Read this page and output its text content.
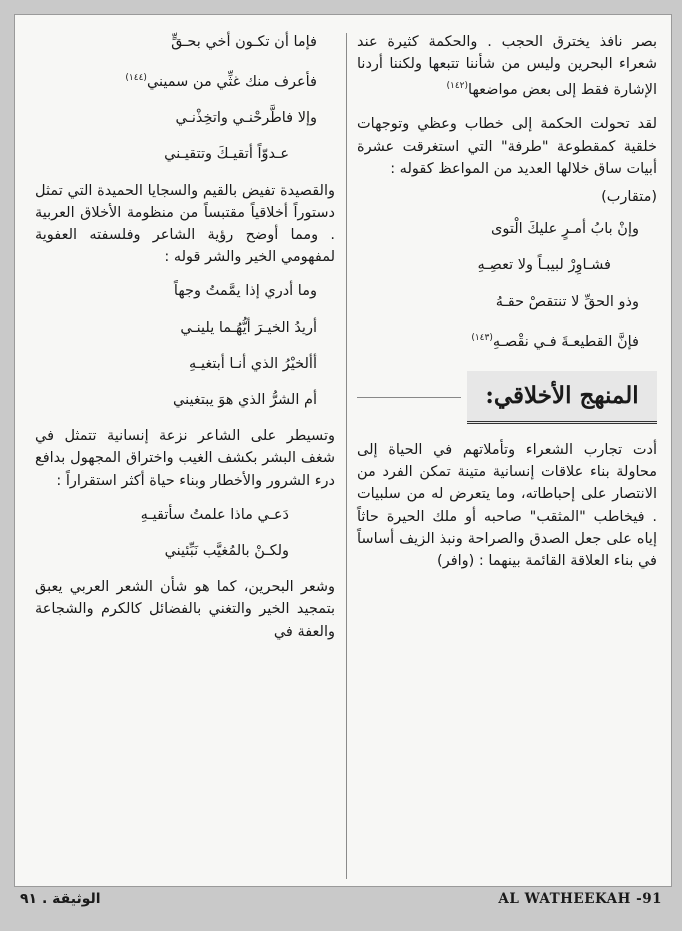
بصر نافذ يخترق الحجب . والحكمة كثيرة عند شعراء البحرين وليس من شأننا تتبعها ولكننا أردنا الإشارة فقط إلى بعض مواضعها$^{(١٤٢)}$

لقد تحولت الحكمة إلى خطاب وعظي وتوجهات خلقية كمقطوعة "طرفة" التي استغرقت عشرة أبيات ساق خلالها العديد من المواعظ كقوله :

(متقارب)
وإنْ بابُ أمـرٍ عليكَ الْتوى
فشـاوِرْ لبيبـاً ولا تعصِـهِ
وذو الحقِّ لا تنتقصْ حقـهُ
فإنَّ القطيعـةَ فـي نقْصـهِ$^{(١٤٣)}$
المنهج الأخلاقي:

أدت تجارب الشعراء وتأملاتهم في الحياة إلى محاولة بناء علاقات إنسانية متينة تمكن الفرد من الانتصار على إحباطاته، وما يتعرض له من سلبيات . فيخاطب "المثقب" صاحبه أو ملك الحيرة حاثاً إياه على جعل الصدق والصراحة ونبذ الزيف أساساً في بناء العلاقة القائمة بينهما : (وافر)

فإما أن تكـون أخي بحـقٍّ
فأعرف منك غثِّي من سميني$^{(١٤٤)}$
وإلا فاطَّرحْنـي واتخِذْنـي
عـدوّاً أتقيـكَ وتتقيـني

والقصيدة تفيض بالقيم والسجايا الحميدة التي تمثل دستوراً أخلاقياً مقتبساً من منظومة الأخلاق العربية . ومما أوضح رؤية الشاعر وفلسفته العفوية لمفهومي الخير والشر قوله :

وما أدري إذا يمَّمتُ وجهاً
أريدُ الخيـرَ أيُّهُـما يلينـي
أألخيْرُ الذي أنـا أبتغيـهِ
أم الشرُّ الذي هوَ يبتغيني

وتسيطر على الشاعر نزعة إنسانية تتمثل في شغف البشر بكشف الغيب واختراق المجهول بدافع درء الشرور والأخطار وبناء حياة أكثر استقراراً :

دَعـي ماذا علمتُ سأتقيـهِ
ولكـنْ بالمُغيَّب نَبِّئيني

وشعر البحرين، كما هو شأن الشعر العربي يعبق بتمجيد الخير والتغني بالفضائل كالكرم والشجاعة والعفة في

الوثيقة . ٩١	AL WATHEEKAH -91
